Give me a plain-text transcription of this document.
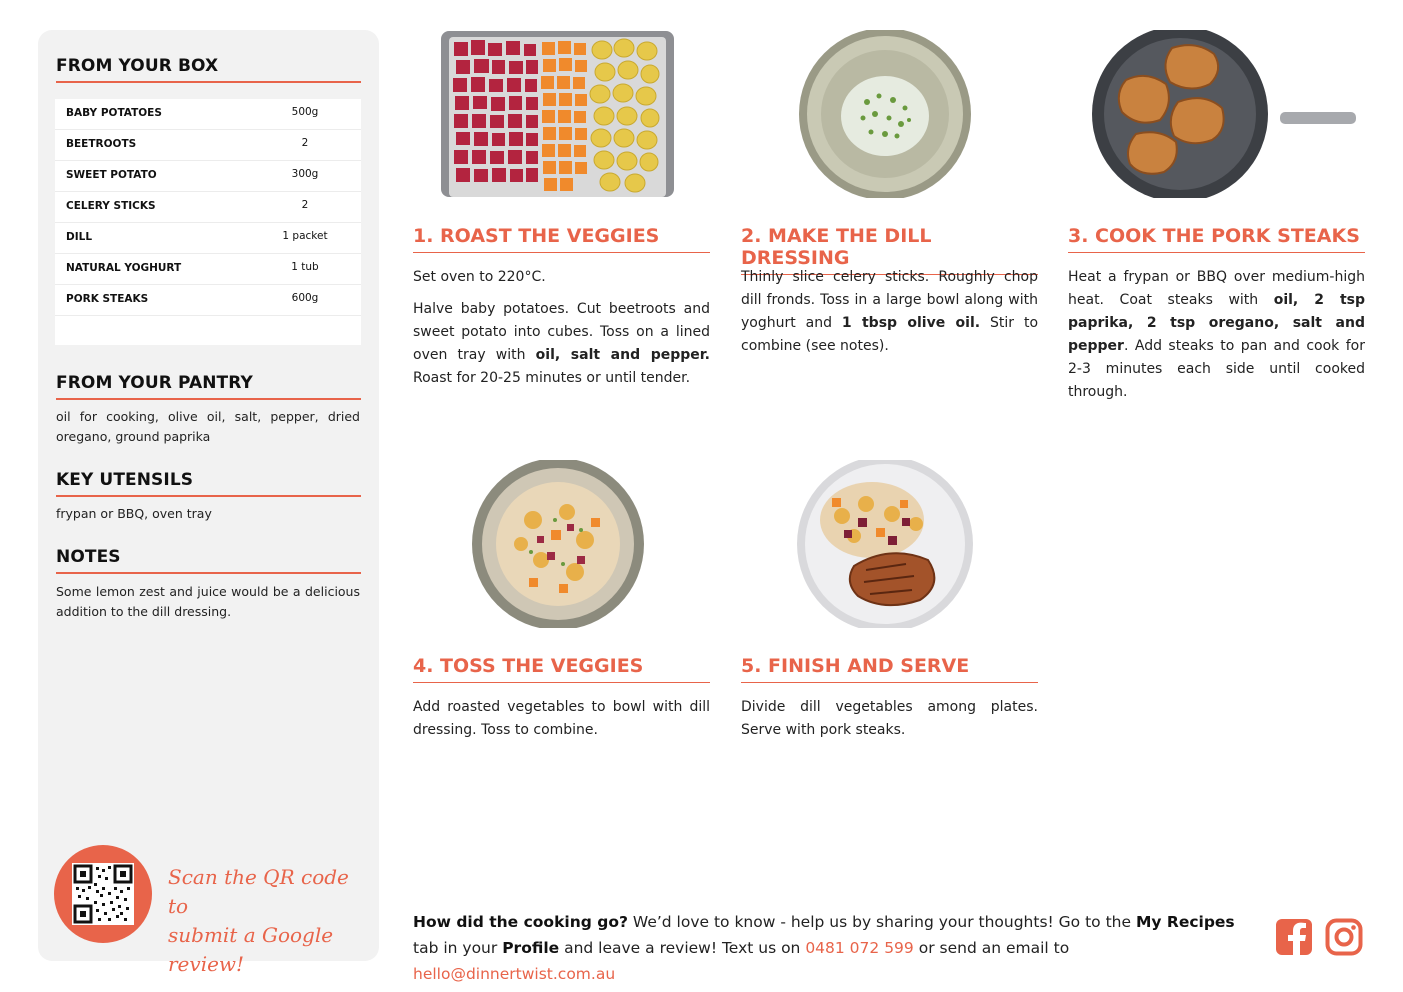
FROM YOUR BOX
BABY POTATOES	500g
BEETROOTS	2
SWEET POTATO	300g
CELERY STICKS	2
DILL	1 packet
NATURAL YOGHURT	1 tub
PORK STEAKS	600g
FROM YOUR PANTRY
oil for cooking, olive oil, salt, pepper, dried oregano, ground paprika
KEY UTENSILS
frypan or BBQ, oven tray
NOTES
Some lemon zest and juice would be a delicious addition to the dill dressing.
Scan the QR code to
submit a Google review!
1. ROAST THE VEGGIES

Set oven to 220°C.

Halve baby potatoes. Cut beetroots and sweet potato into cubes. Toss on a lined oven tray with oil, salt and pepper. Roast for 20-25 minutes or until tender.

2. MAKE THE DILL DRESSING

Thinly slice celery sticks. Roughly chop dill fronds. Toss in a large bowl along with yoghurt and 1 tbsp olive oil. Stir to combine (see notes).

3. COOK THE PORK STEAKS

Heat a frypan or BBQ over medium-high heat. Coat steaks with oil, 2 tsp paprika, 2 tsp oregano, salt and pepper. Add steaks to pan and cook for 2-3 minutes each side until cooked through.

4. TOSS THE VEGGIES

Add roasted vegetables to bowl with dill dressing. Toss to combine.

5. FINISH AND SERVE

Divide dill vegetables among plates. Serve with pork steaks.

How did the cooking go? We’d love to know - help us by sharing your thoughts! Go to the My Recipes tab in your Profile and leave a review! Text us on 0481 072 599 or send an email to hello@dinnertwist.com.au
